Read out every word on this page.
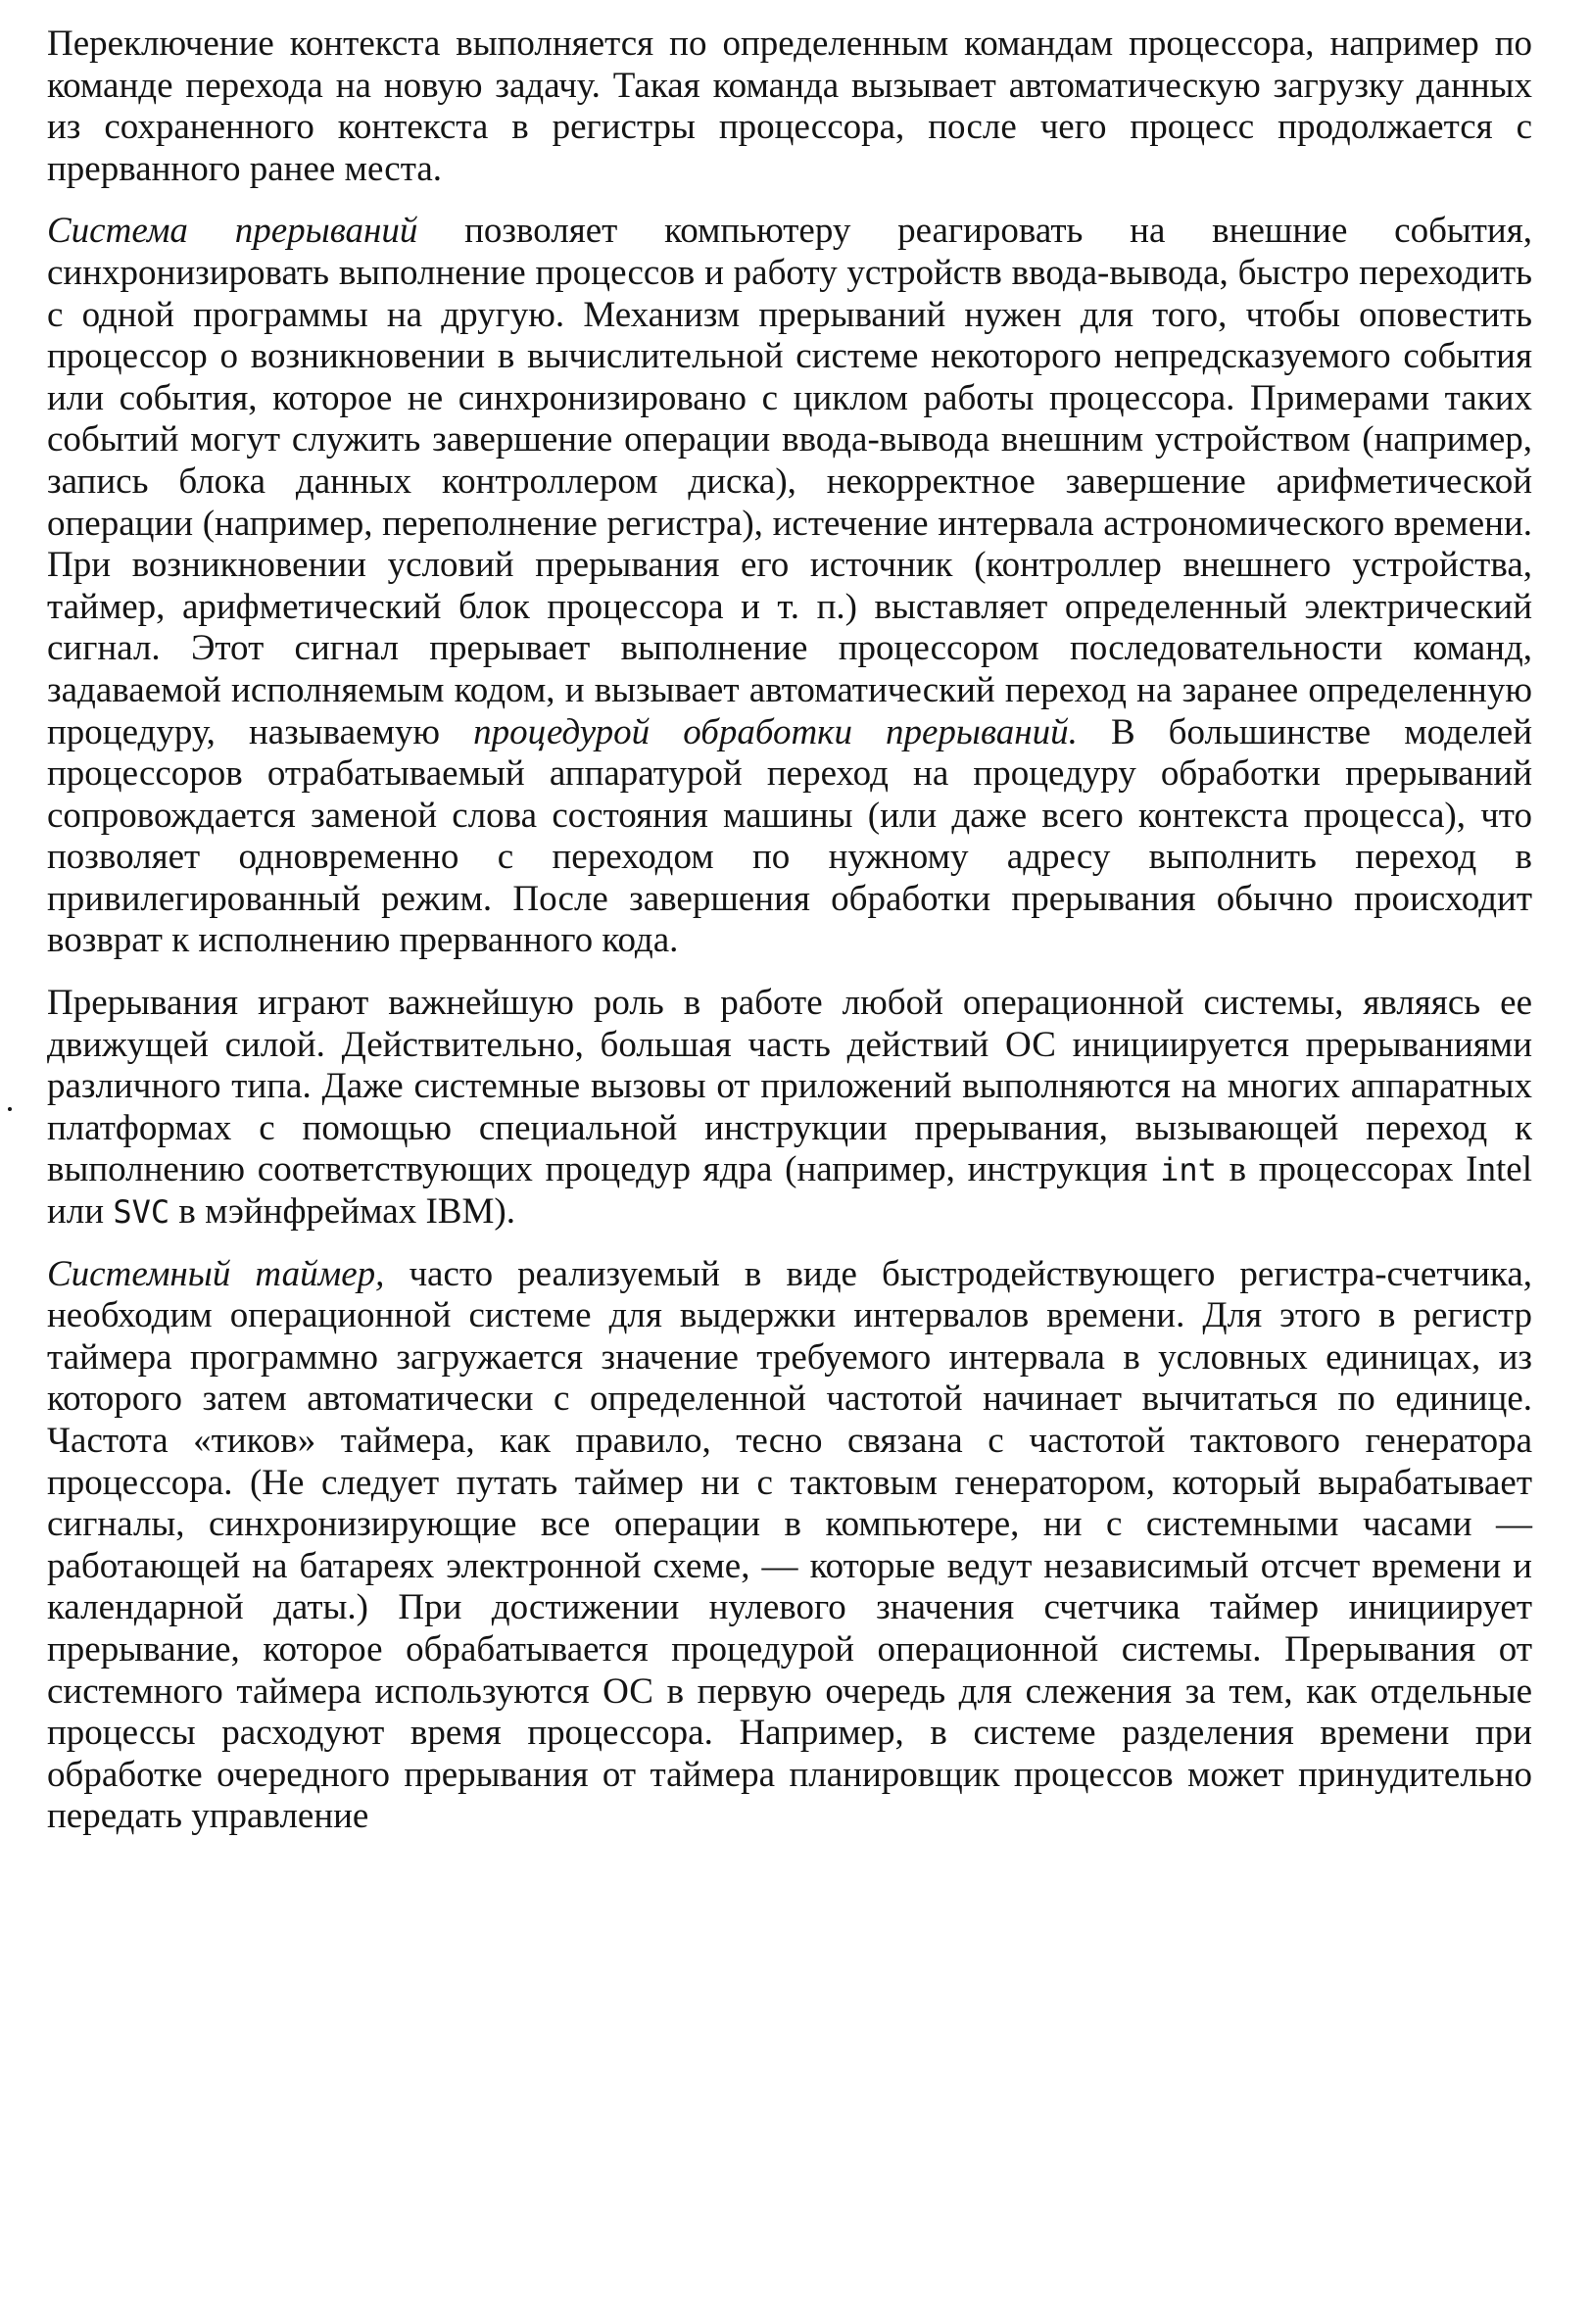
Переключение контекста выполняется по определенным командам процессора, например по команде перехода на новую задачу. Такая команда вызывает автоматическую загрузку данных из сохраненного контекста в регистры процессора, после чего процесс продолжается с прерванного ранее места.

Система прерываний позволяет компьютеру реагировать на внешние события, синхронизировать выполнение процессов и работу устройств ввода-вывода, быстро переходить с одной программы на другую. Механизм прерываний нужен для того, чтобы оповестить процессор о возникновении в вычислительной системе некоторого непредсказуемого события или события, которое не синхронизировано с циклом работы процессора. Примерами таких событий могут служить завершение операции ввода-вывода внешним устройством (например, запись блока данных контроллером диска), некорректное завершение арифметической операции (например, переполнение регистра), истечение интервала астрономического времени. При возникновении условий прерывания его источник (контроллер внешнего устройства, таймер, арифметический блок процессора и т. п.) выставляет определенный электрический сигнал. Этот сигнал прерывает выполнение процессором последовательности команд, задаваемой исполняемым кодом, и вызывает автоматический переход на заранее определенную процедуру, называемую процедурой обработки прерываний. В большинстве моделей процессоров отрабатываемый аппаратурой переход на процедуру обработки прерываний сопровождается заменой слова состояния машины (или даже всего контекста процесса), что позволяет одновременно с переходом по нужному адресу выполнить переход в привилегированный режим. После завершения обработки прерывания обычно происходит возврат к исполнению прерванного кода.

Прерывания играют важнейшую роль в работе любой операционной системы, являясь ее движущей силой. Действительно, большая часть действий ОС инициируется прерываниями различного типа. Даже системные вызовы от приложений выполняются на многих аппаратных платформах с помощью специальной инструкции прерывания, вызывающей переход к выполнению соответствующих процедур ядра (например, инструкция int в процессорах Intel или SVC в мэйнфреймах IBM).

Системный таймер, часто реализуемый в виде быстродействующего регистра-счетчика, необходим операционной системе для выдержки интервалов времени. Для этого в регистр таймера программно загружается значение требуемого интервала в условных единицах, из которого затем автоматически с определенной частотой начинает вычитаться по единице. Частота «тиков» таймера, как правило, тесно связана с частотой тактового генератора процессора. (Не следует путать таймер ни с тактовым генератором, который вырабатывает сигналы, синхронизирующие все операции в компьютере, ни с системными часами — работающей на батареях электронной схеме, — которые ведут независимый отсчет времени и календарной даты.) При достижении нулевого значения счетчика таймер инициирует прерывание, которое обрабатывается процедурой операционной системы. Прерывания от системного таймера используются ОС в первую очередь для слежения за тем, как отдельные процессы расходуют время процессора. Например, в системе разделения времени при обработке очередного прерывания от таймера планировщик процессов может принудительно передать управление
